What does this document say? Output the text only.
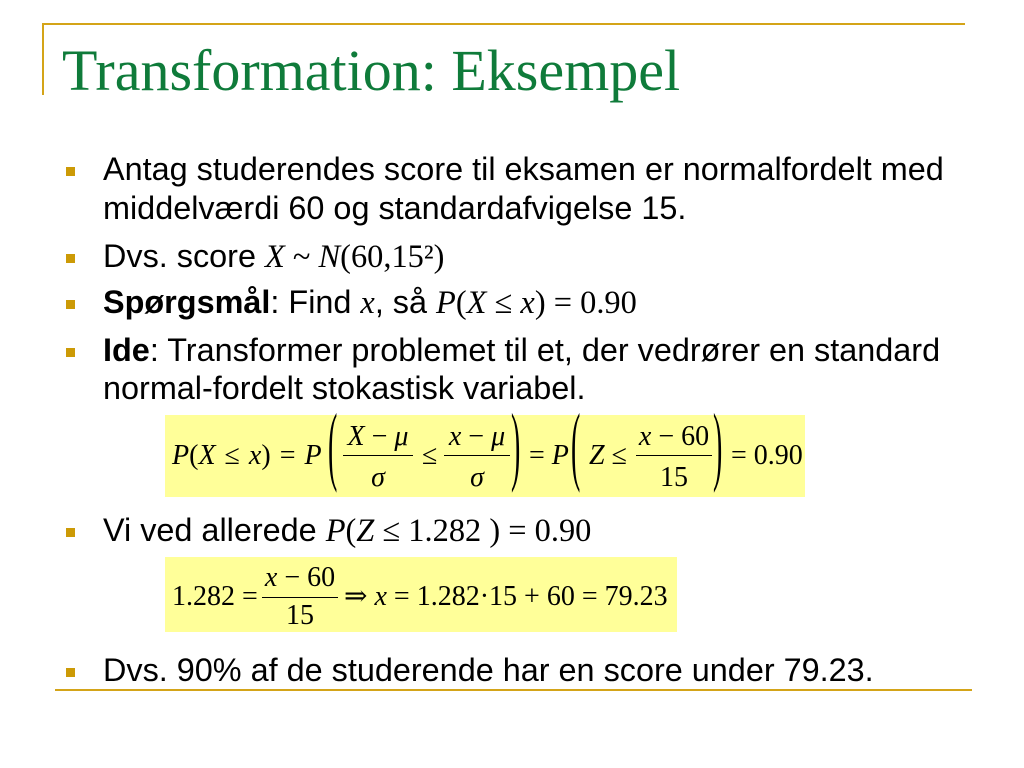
Transformation: Eksempel
Antag studerendes score til eksamen er normalfordelt med
middelværdi 60 og standardafvigelse 15.
Dvs. score X ~ N(60,15²)
Spørgsmål: Find x, så P(X ≤ x) = 0.90
Ide: Transformer problemet til et, der vedrører en standard
normal-fordelt stokastisk variabel.
P(X ≤ x) = P ( X − μ
σ
≤
x − μ
σ ) = P ( Z ≤
x − 60
15 ) = 0.90
Vi ved allerede P(Z ≤ 1.282 ) = 0.90
1.282 =
x − 60
15
⇒ x = 1.282·15 + 60 = 79.23
Dvs. 90% af de studerende har en score under 79.23.
